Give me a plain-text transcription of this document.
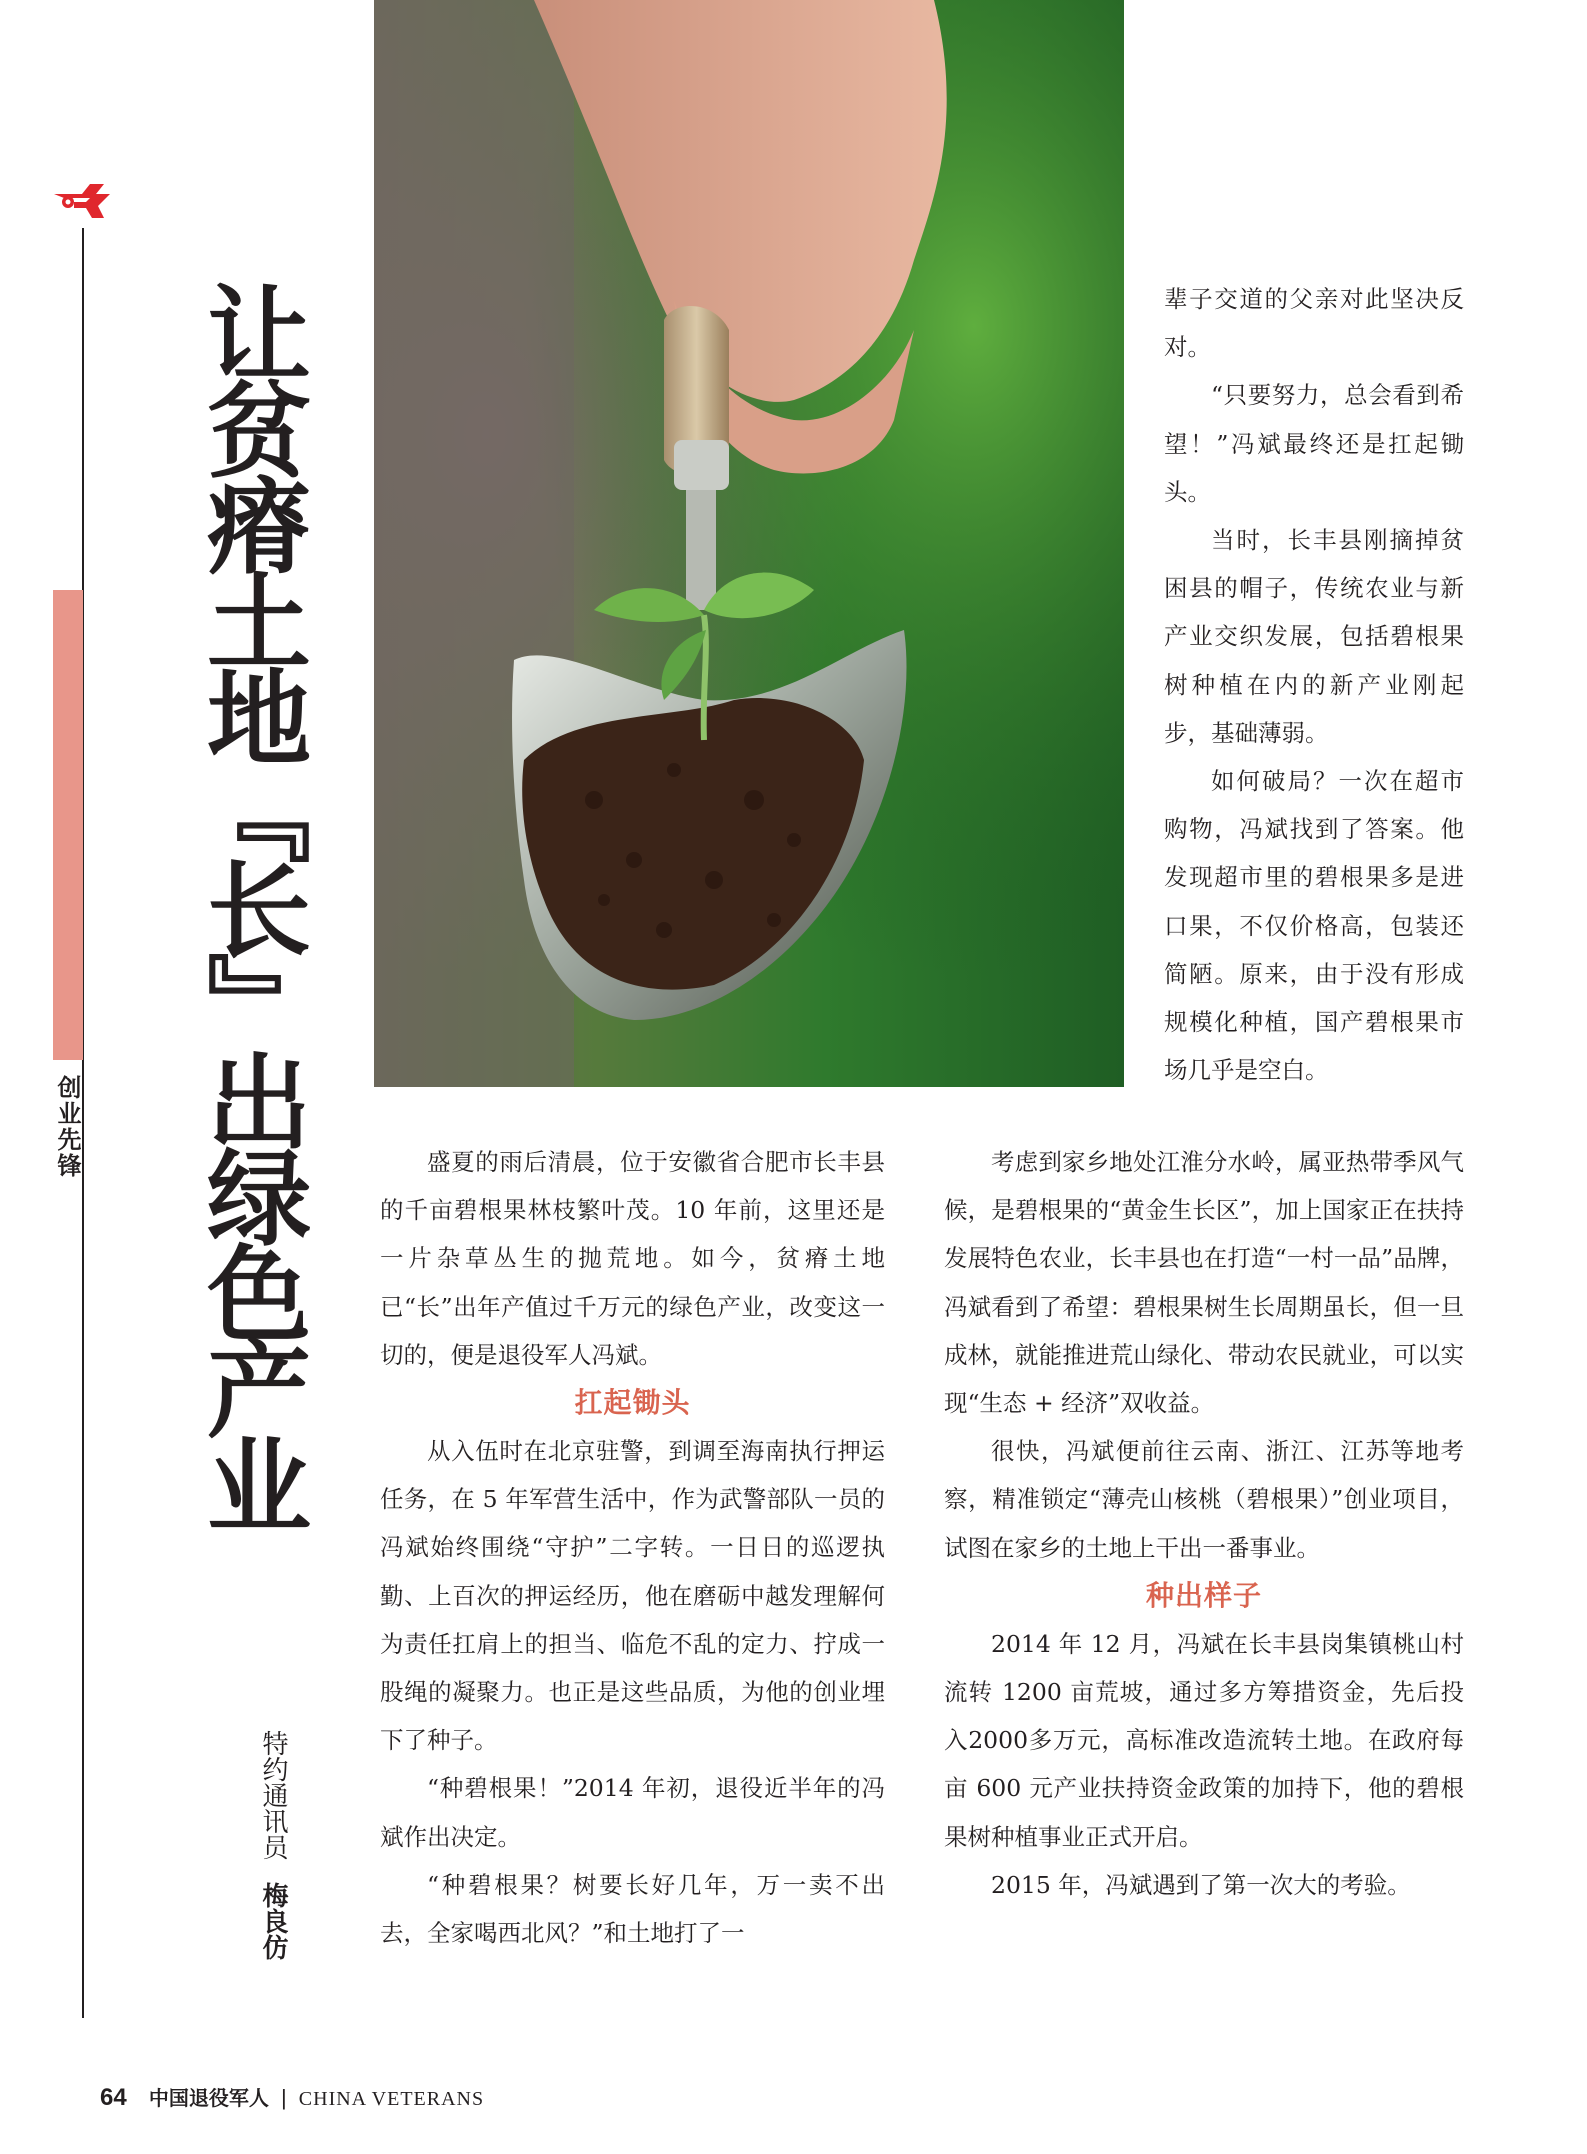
创业先锋 让贫瘠土地『长』出绿色产业
特约通讯员 梅良仿

辈子交道的父亲对此坚决反对。

“只要努力，总会看到希望！”冯斌最终还是扛起锄头。

当时，长丰县刚摘掉贫困县的帽子，传统农业与新产业交织发展，包括碧根果树种植在内的新产业刚起步，基础薄弱。

如何破局？一次在超市购物，冯斌找到了答案。他发现超市里的碧根果多是进口果，不仅价格高，包装还简陋。原来，由于没有形成规模化种植，国产碧根果市场几乎是空白。

盛夏的雨后清晨，位于安徽省合肥市长丰县的千亩碧根果林枝繁叶茂。10 年前，这里还是一片杂草丛生的抛荒地。如今，贫瘠土地已“长”出年产值过千万元的绿色产业，改变这一切的，便是退役军人冯斌。

扛起锄头

从入伍时在北京驻警，到调至海南执行押运任务，在 5 年军营生活中，作为武警部队一员的冯斌始终围绕“守护”二字转。一日日的巡逻执勤、上百次的押运经历，他在磨砺中越发理解何为责任扛肩上的担当、临危不乱的定力、拧成一股绳的凝聚力。也正是这些品质，为他的创业埋下了种子。

“种碧根果！”2014 年初，退役近半年的冯斌作出决定。

“种碧根果？树要长好几年，万一卖不出去，全家喝西北风？”和土地打了一

考虑到家乡地处江淮分水岭，属亚热带季风气候，是碧根果的“黄金生长区”，加上国家正在扶持发展特色农业，长丰县也在打造“一村一品”品牌，冯斌看到了希望：碧根果树生长周期虽长，但一旦成林，就能推进荒山绿化、带动农民就业，可以实现“生态 + 经济”双收益。

很快，冯斌便前往云南、浙江、江苏等地考察，精准锁定“薄壳山核桃（碧根果）”创业项目，试图在家乡的土地上干出一番事业。

种出样子

2014 年 12 月，冯斌在长丰县岗集镇桃山村流转 1200 亩荒坡，通过多方筹措资金，先后投入2000多万元，高标准改造流转土地。在政府每亩 600 元产业扶持资金政策的加持下，他的碧根果树种植事业正式开启。

2015 年，冯斌遇到了第一次大的考验。

64 中国退役军人 | CHINA VETERANS
